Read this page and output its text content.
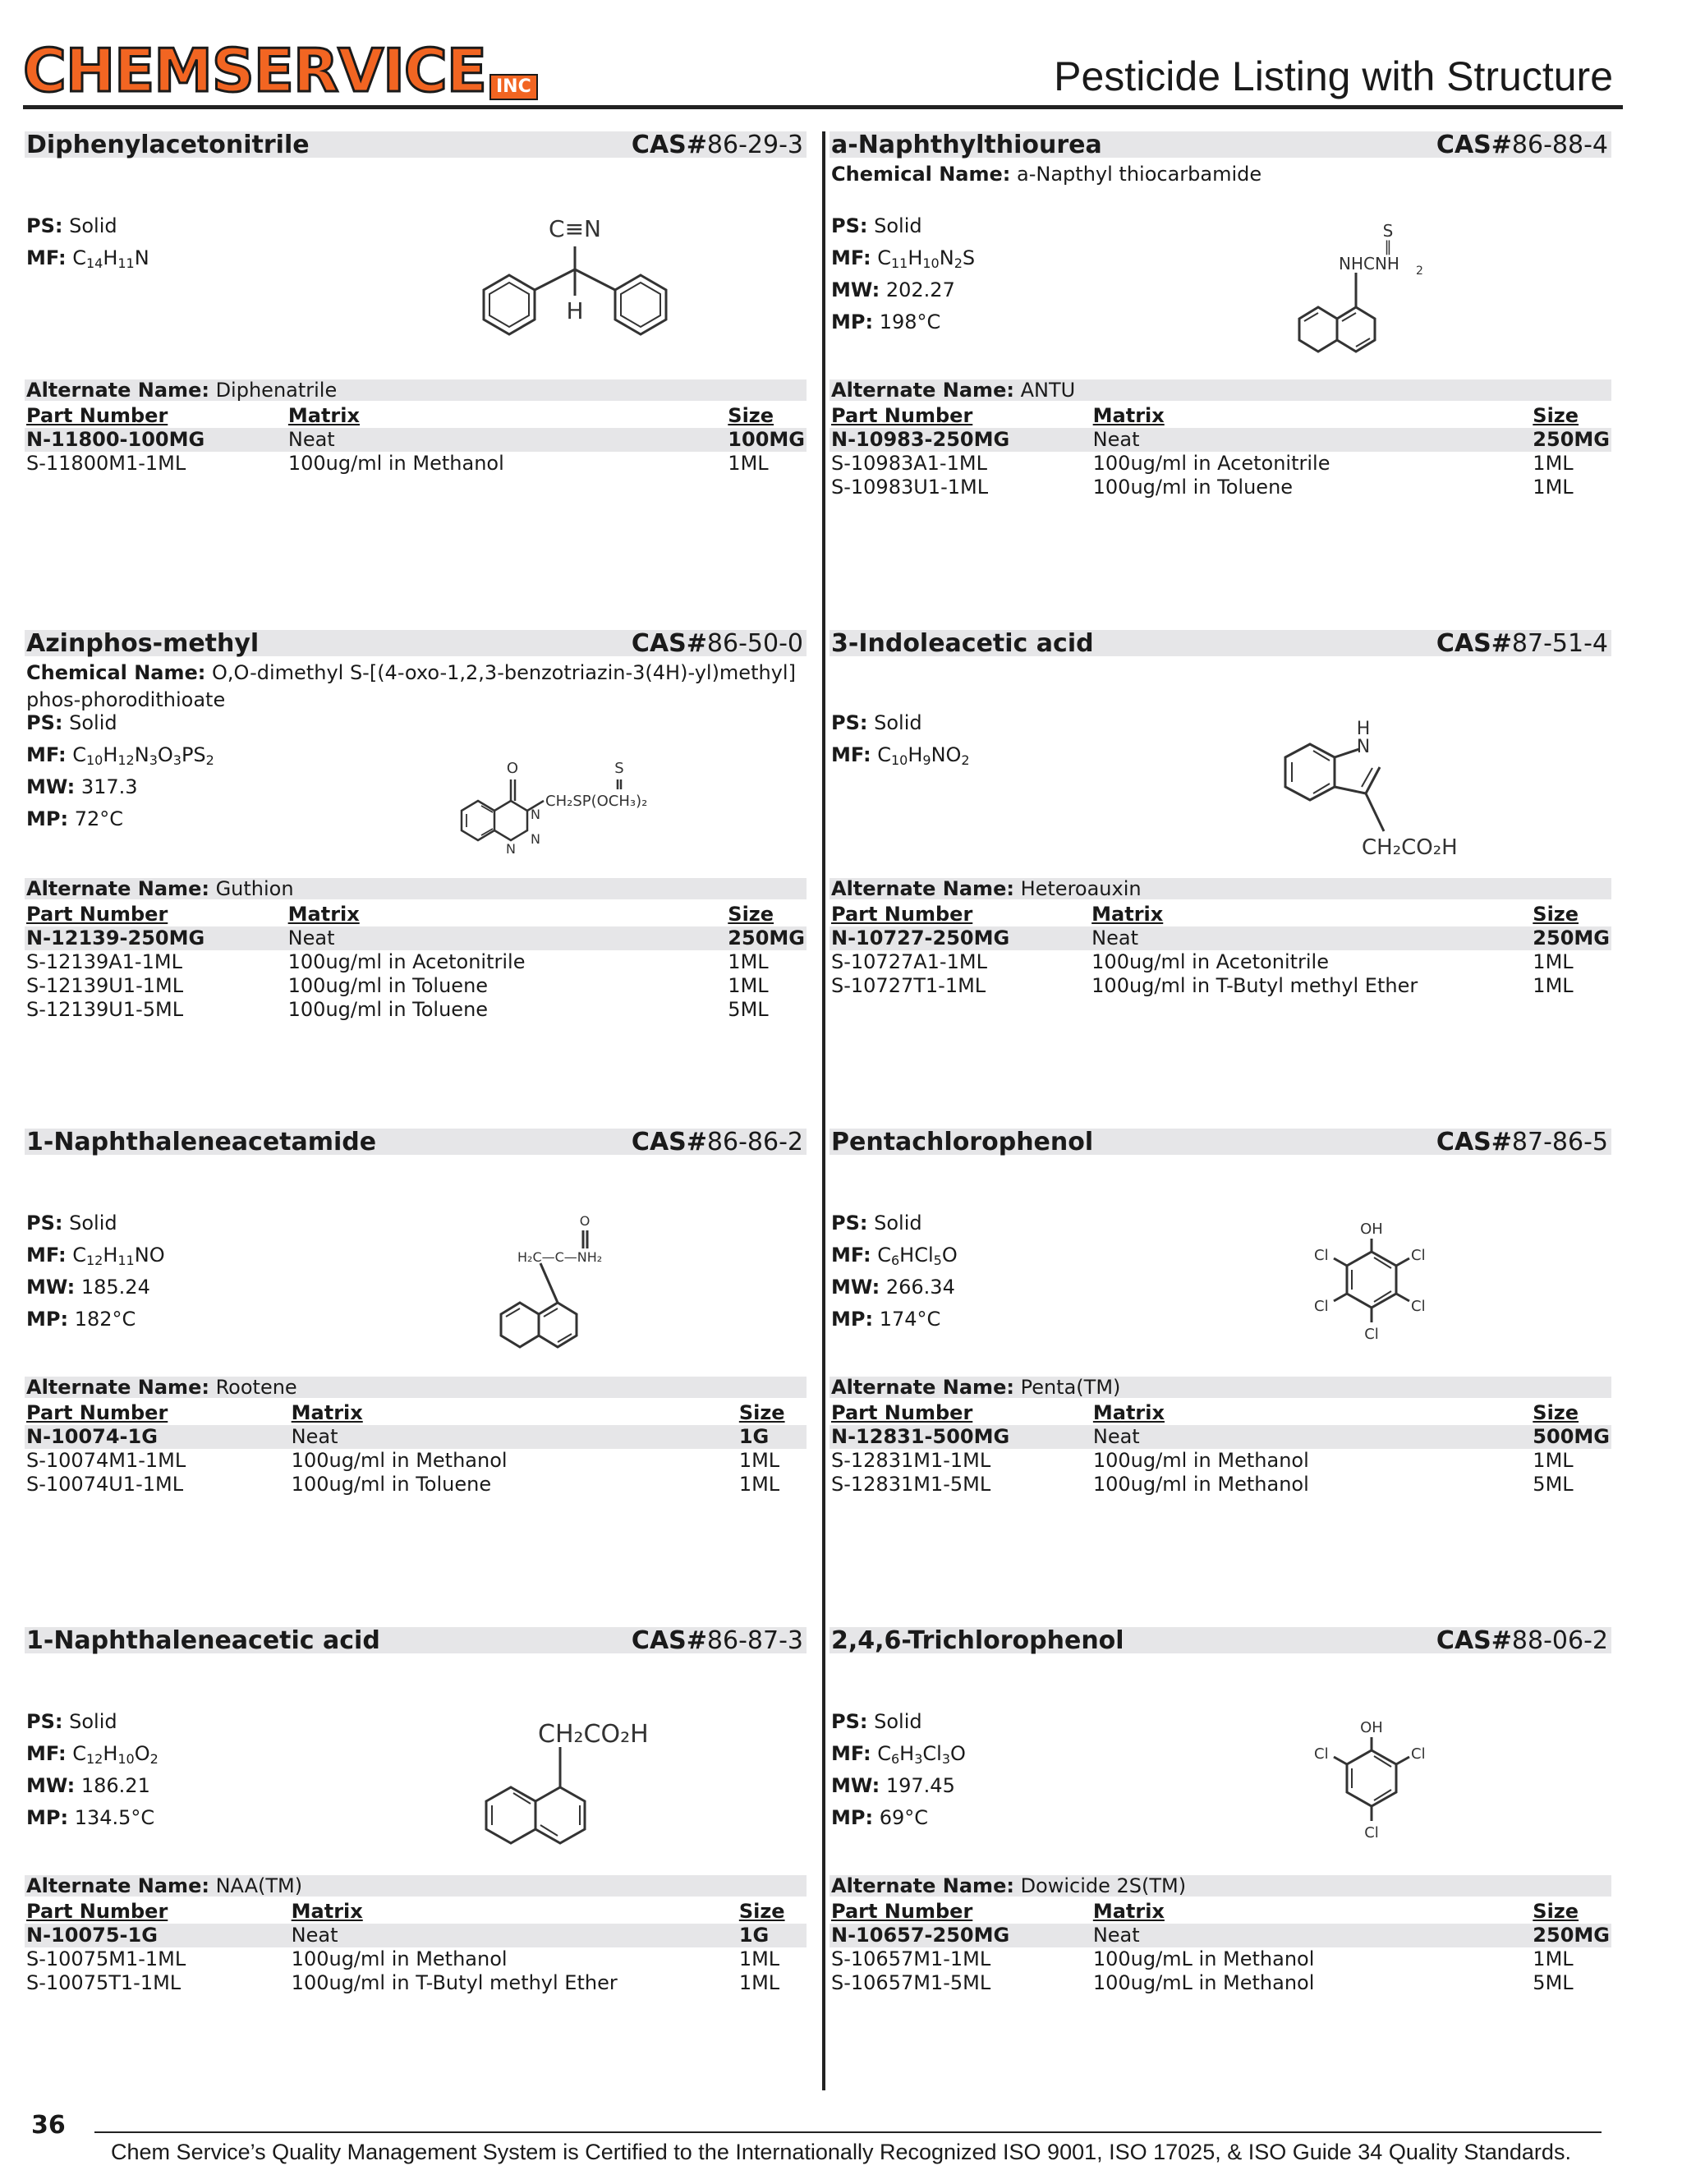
CHEMSERVICE INC	Pesticide Listing with Structure
Diphenylacetonitrile	CAS#86-29-3
PS: Solid
MF: $C_{14}H_{11}N$
C≡N
H
Alternate Name: Diphenatrile
Part Number	Matrix	Size
N-11800-100MG	Neat	100MG
S-11800M1-1ML	100ug/ml in Methanol	1ML
a-Naphthylthiourea	CAS#86-88-4
Chemical Name: a-Napthyl thiocarbamide
PS: Solid
MF: $C_{11}H_{10}N_2S$
MW: 202.27
MP: 198°C
S
‖
NHCNH 2
Alternate Name: ANTU
Part Number	Matrix	Size
N-10983-250MG	Neat	250MG
S-10983A1-1ML	100ug/ml in Acetonitrile	1ML
S-10983U1-1ML	100ug/ml in Toluene	1ML
Azinphos-methyl	CAS#86-50-0
Chemical Name: O,O-dimethyl S-[(4-oxo-1,2,3-benzotriazin-3(4H)-yl)methyl] phos-phorodithioate
PS: Solid
MF: $C_{10}H_{12}N_3O_3PS_2$
MW: 317.3
MP: 72°C
O	S
N
N
N
CH₂SP(OCH₃)₂
Alternate Name: Guthion
Part Number	Matrix	Size
N-12139-250MG	Neat	250MG
S-12139A1-1ML	100ug/ml in Acetonitrile	1ML
S-12139U1-1ML	100ug/ml in Toluene	1ML
S-12139U1-5ML	100ug/ml in Toluene	5ML
3-Indoleacetic acid	CAS#87-51-4
PS: Solid
MF: $C_{10}H_9NO_2$
H
N
CH₂CO₂H
Alternate Name: Heteroauxin
Part Number	Matrix	Size
N-10727-250MG	Neat	250MG
S-10727A1-1ML	100ug/ml in Acetonitrile	1ML
S-10727T1-1ML	100ug/ml in T-Butyl methyl Ether	1ML
1-Naphthaleneacetamide	CAS#86-86-2
PS: Solid
MF: $C_{12}H_{11}NO$
MW: 185.24
MP: 182°C
O
H₂C—C—NH₂
Alternate Name: Rootene
Part Number	Matrix	Size
N-10074-1G	Neat	1G
S-10074M1-1ML	100ug/ml in Methanol	1ML
S-10074U1-1ML	100ug/ml in Toluene	1ML
Pentachlorophenol	CAS#87-86-5
PS: Solid
MF: $C_6HCl_5O$
MW: 266.34
MP: 174°C
OH
Cl
Cl
Cl
Cl
Cl
Alternate Name: Penta(TM)
Part Number	Matrix	Size
N-12831-500MG	Neat	500MG
S-12831M1-1ML	100ug/ml in Methanol	1ML
S-12831M1-5ML	100ug/ml in Methanol	5ML
1-Naphthaleneacetic acid	CAS#86-87-3
PS: Solid
MF: $C_{12}H_{10}O_2$
MW: 186.21
MP: 134.5°C
CH₂CO₂H
Alternate Name: NAA(TM)
Part Number	Matrix	Size
N-10075-1G	Neat	1G
S-10075M1-1ML	100ug/ml in Methanol	1ML
S-10075T1-1ML	100ug/ml in T-Butyl methyl Ether	1ML
2,4,6-Trichlorophenol	CAS#88-06-2
PS: Solid
MF: $C_6H_3Cl_3O$
MW: 197.45
MP: 69°C
OH
Cl
Cl
Cl
Alternate Name: Dowicide 2S(TM)
Part Number	Matrix	Size
N-10657-250MG	Neat	250MG
S-10657M1-1ML	100ug/mL in Methanol	1ML
S-10657M1-5ML	100ug/mL in Methanol	5ML
36
Chem Service’s Quality Management System is Certified to the Internationally Recognized ISO 9001, ISO 17025, & ISO Guide 34 Quality Standards.
